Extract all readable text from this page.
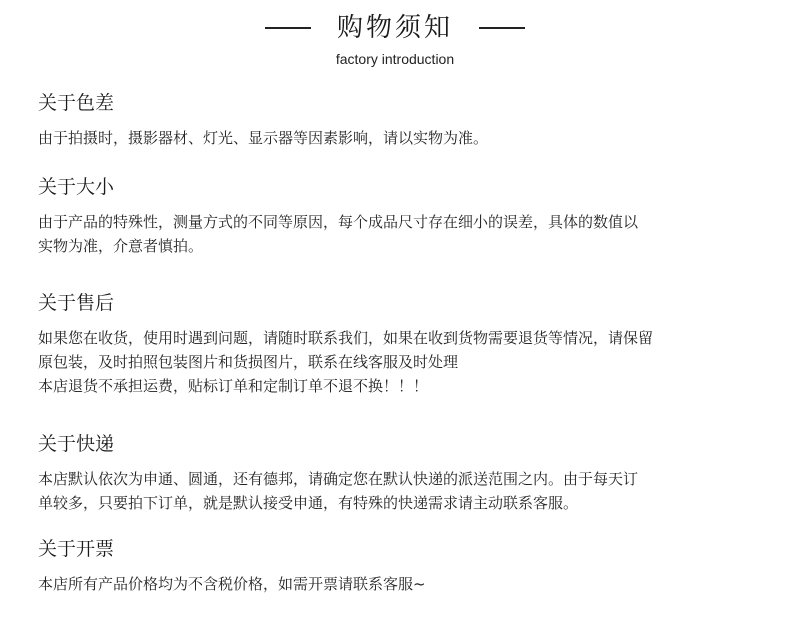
购物须知
factory introduction
关于色差
由于拍摄时，摄影器材、灯光、显示器等因素影响，请以实物为准。
关于大小
由于产品的特殊性，测量方式的不同等原因，每个成品尺寸存在细小的误差，具体的数值以
实物为准，介意者慎拍。
关于售后
如果您在收货，使用时遇到问题，请随时联系我们，如果在收到货物需要退货等情况，请保留
原包装，及时拍照包装图片和货损图片，联系在线客服及时处理
本店退货不承担运费，贴标订单和定制订单不退不换！！！
关于快递
本店默认依次为申通、圆通，还有德邦，请确定您在默认快递的派送范围之内。由于每天订
单较多，只要拍下订单，就是默认接受申通，有特殊的快递需求请主动联系客服。
关于开票
本店所有产品价格均为不含税价格，如需开票请联系客服~
